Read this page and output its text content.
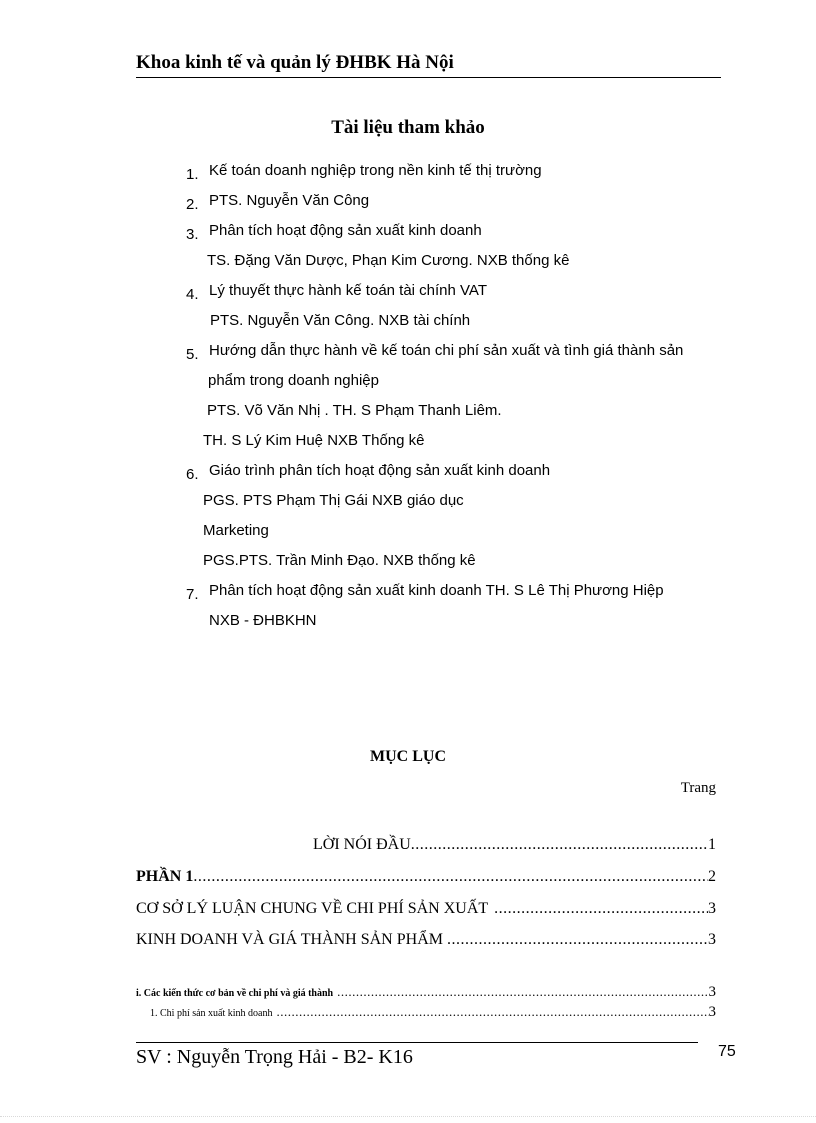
Khoa kinh tế và quản lý ĐHBK Hà Nội
Tài liệu tham khảo
1. Kế toán doanh nghiệp trong nền kinh tế thị trường
2. PTS. Nguyễn Văn Công
3. Phân tích hoạt động sản xuất kinh doanh
TS. Đặng Văn Dược, Phạn Kim Cương. NXB thống kê
4. Lý thuyết thực hành kế toán tài chính VAT
PTS. Nguyễn Văn Công. NXB tài chính
5. Hướng dẫn thực hành về kế toán chi phí sản xuất và tình giá thành sản
phẩm trong doanh nghiệp
PTS. Võ Văn Nhị . TH. S Phạm Thanh Liêm.
TH. S Lý Kim Huệ NXB Thống kê
6. Giáo trình phân tích hoạt động sản xuất kinh doanh
PGS. PTS Phạm Thị Gái NXB giáo dục
Marketing
PGS.PTS. Trần Minh Đạo. NXB thống kê
7. Phân tích hoạt động sản xuất kinh doanh TH. S Lê Thị Phương Hiệp
NXB - ĐHBKHN
MỤC LỤC
Trang
LỜI NÓI ĐẦU .....	1
PHẦN 1 .....	2
CƠ SỞ LÝ LUẬN CHUNG VỀ CHI PHÍ SẢN XUẤT .....	3
KINH DOANH VÀ GIÁ THÀNH SẢN PHẨM .....	3
i. Các kiến thức cơ bản về chi phí và giá thành .....	3
1. Chi phí sản xuất kinh doanh .....	3
SV : Nguyễn Trọng Hải - B2- K16	75
